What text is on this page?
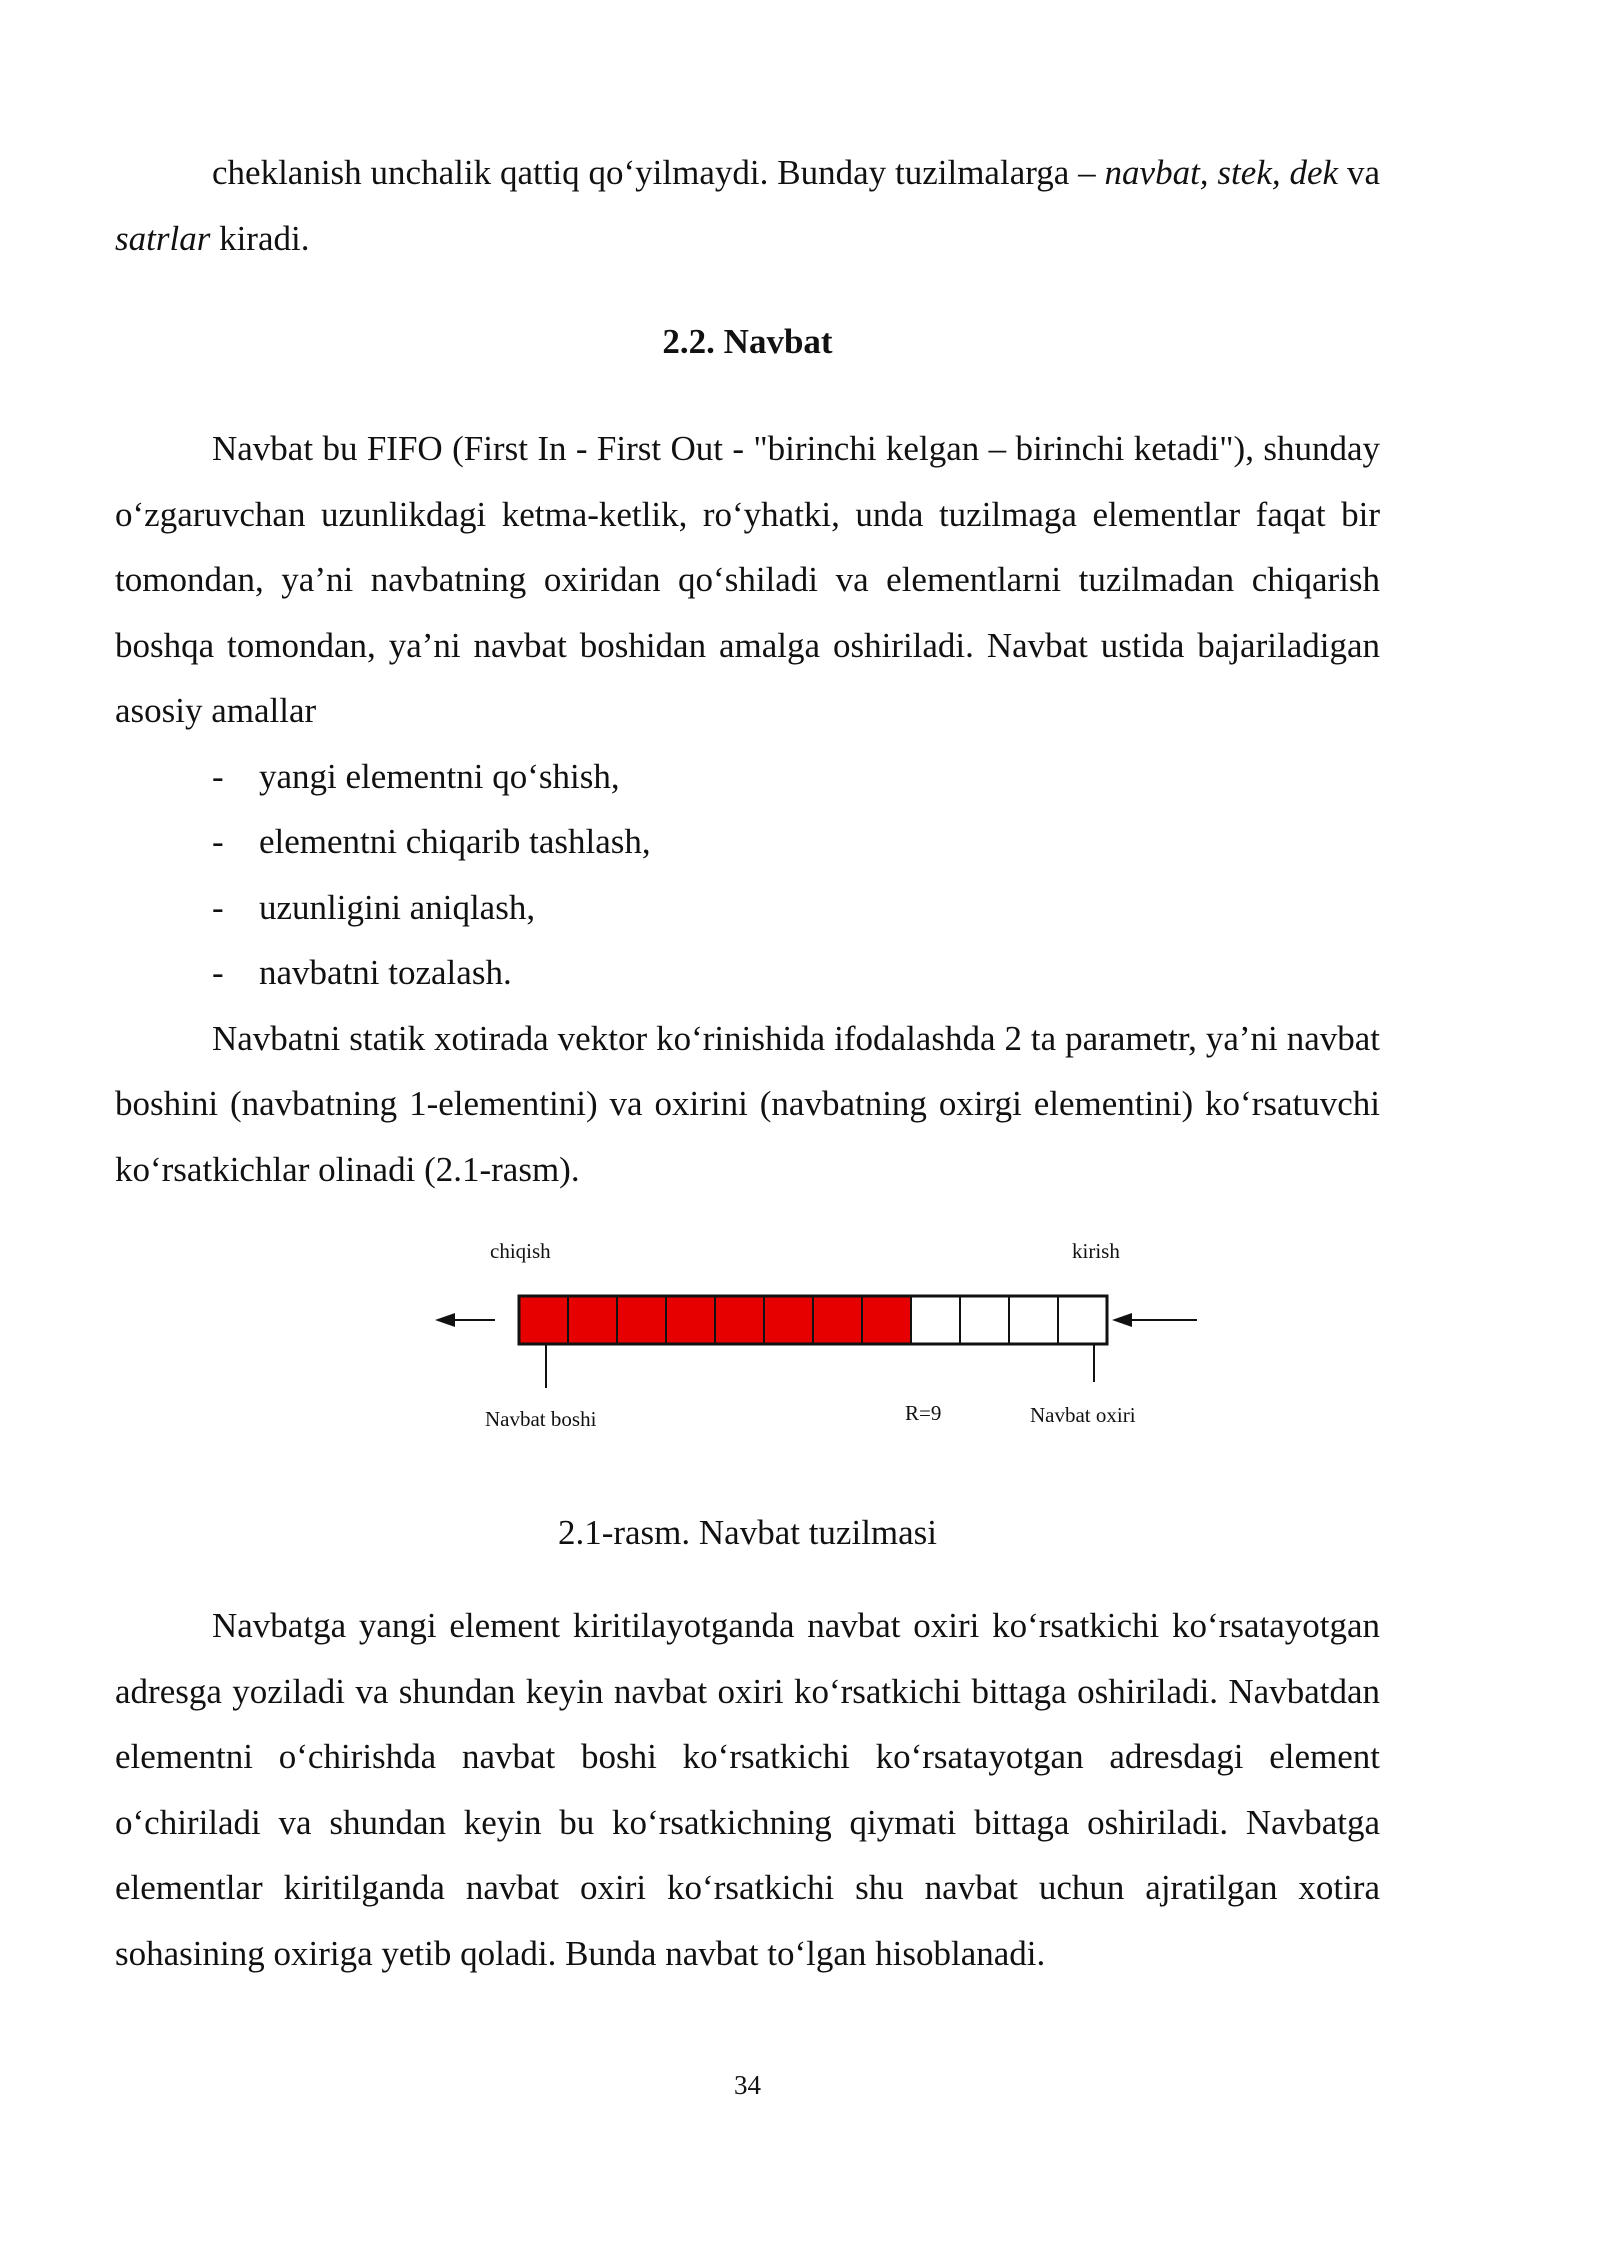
cheklanish unchalik qattiq qo‘yilmaydi. Bunday tuzilmalarga – navbat, stek, dek va satrlar kiradi.

2.2. Navbat

Navbat bu FIFO (First In - First Out - "birinchi kelgan – birinchi ketadi"), shunday o‘zgaruvchan uzunlikdagi ketma-ketlik, ro‘yhatki, unda tuzilmaga elementlar faqat bir tomondan, ya’ni navbatning oxiridan qo‘shiladi va elementlarni tuzilmadan chiqarish boshqa tomondan, ya’ni navbat boshidan amalga oshiriladi. Navbat ustida bajariladigan asosiy amallar

-	yangi elementni qo‘shish,
-	elementni chiqarib tashlash,
-	uzunligini aniqlash,
-	navbatni tozalash.

Navbatni statik xotirada vektor ko‘rinishida ifodalashda 2 ta parametr, ya’ni navbat boshini (navbatning 1-elementini) va oxirini (navbatning oxirgi elementini) ko‘rsatuvchi ko‘rsatkichlar olinadi (2.1-rasm).

chiqish	kirish
Navbat boshi	R=9	Navbat oxiri
2.1-rasm. Navbat tuzilmasi

Navbatga yangi element kiritilayotganda navbat oxiri ko‘rsatkichi ko‘rsatayotgan adresga yoziladi va shundan keyin navbat oxiri ko‘rsatkichi bittaga oshiriladi. Navbatdan elementni o‘chirishda navbat boshi ko‘rsatkichi ko‘rsatayotgan adresdagi element o‘chiriladi va shundan keyin bu ko‘rsatkichning qiymati bittaga oshiriladi. Navbatga elementlar kiritilganda navbat oxiri ko‘rsatkichi shu navbat uchun ajratilgan xotira sohasining oxiriga yetib qoladi. Bunda navbat to‘lgan hisoblanadi.

34
